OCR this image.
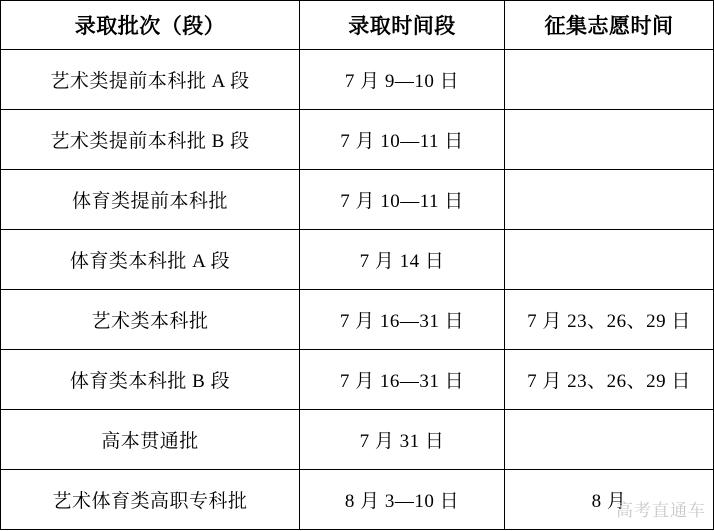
录取批次（段）	录取时间段	征集志愿时间
艺术类提前本科批 A 段	7 月 9—10 日	
艺术类提前本科批 B 段	7 月 10—11 日	
体育类提前本科批	7 月 10—11 日	
体育类本科批 A 段	7 月 14 日	
艺术类本科批	7 月 16—31 日	7 月 23、26、29 日
体育类本科批 B 段	7 月 16—31 日	7 月 23、26、29 日
高本贯通批	7 月 31 日	
艺术体育类高职专科批	8 月 3—10 日	8 月
高考直通车
